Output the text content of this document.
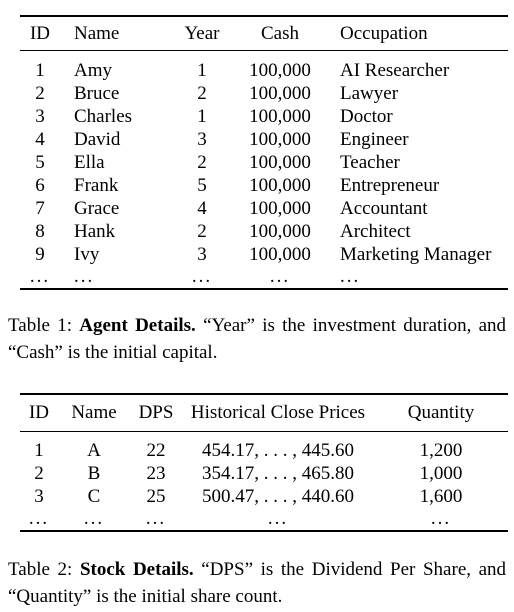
ID	Name	Year	Cash	Occupation
1	Amy	1	100,000	AI Researcher
2	Bruce	2	100,000	Lawyer
3	Charles	1	100,000	Doctor
4	David	3	100,000	Engineer
5	Ella	2	100,000	Teacher
6	Frank	5	100,000	Entrepreneur
7	Grace	4	100,000	Accountant
8	Hank	2	100,000	Architect
9	Ivy	3	100,000	Marketing Manager
...	...	...	...	...

Table 1: Agent Details. “Year” is the investment duration, and “Cash” is the initial capital.
ID	Name	DPS	Historical Close Prices	Quantity
1	A	22	454.17, . . . , 445.60	1,200
2	B	23	354.17, . . . , 465.80	1,000
3	C	25	500.47, . . . , 440.60	1,600
...	...	...	...	...

Table 2: Stock Details. “DPS” is the Dividend Per Share, and “Quantity” is the initial share count.
